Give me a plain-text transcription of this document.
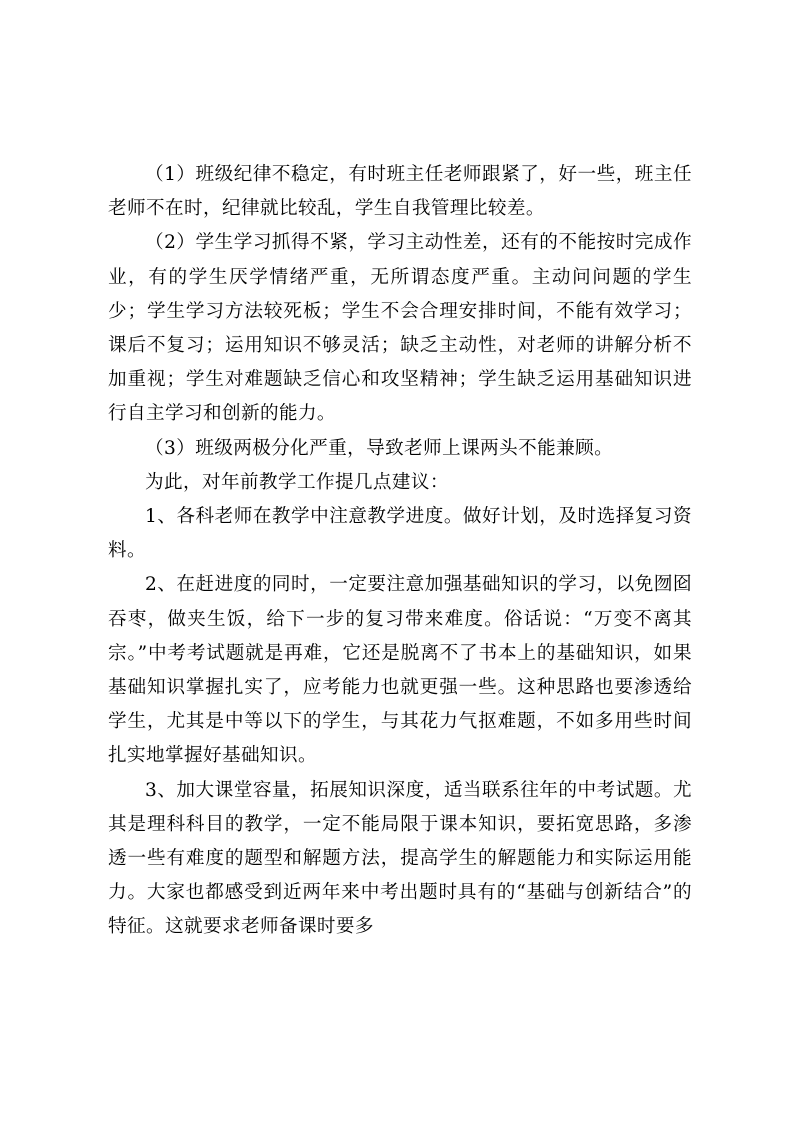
（1）班级纪律不稳定，有时班主任老师跟紧了，好一些，班主任老师不在时，纪律就比较乱，学生自我管理比较差。

（2）学生学习抓得不紧，学习主动性差，还有的不能按时完成作业，有的学生厌学情绪严重，无所谓态度严重。主动问问题的学生少；学生学习方法较死板；学生不会合理安排时间，不能有效学习；课后不复习；运用知识不够灵活；缺乏主动性，对老师的讲解分析不加重视；学生对难题缺乏信心和攻坚精神；学生缺乏运用基础知识进行自主学习和创新的能力。

（3）班级两极分化严重，导致老师上课两头不能兼顾。

为此，对年前教学工作提几点建议：

1、各科老师在教学中注意教学进度。做好计划，及时选择复习资料。

2、在赶进度的同时，一定要注意加强基础知识的学习，以免囫囵吞枣，做夹生饭，给下一步的复习带来难度。俗话说：“万变不离其宗。”中考考试题就是再难，它还是脱离不了书本上的基础知识，如果基础知识掌握扎实了，应考能力也就更强一些。这种思路也要渗透给学生，尤其是中等以下的学生，与其花力气抠难题，不如多用些时间扎实地掌握好基础知识。

3、加大课堂容量，拓展知识深度，适当联系往年的中考试题。尤其是理科科目的教学，一定不能局限于课本知识，要拓宽思路，多渗透一些有难度的题型和解题方法，提高学生的解题能力和实际运用能力。大家也都感受到近两年来中考出题时具有的“基础与创新结合”的特征。这就要求老师备课时要多
